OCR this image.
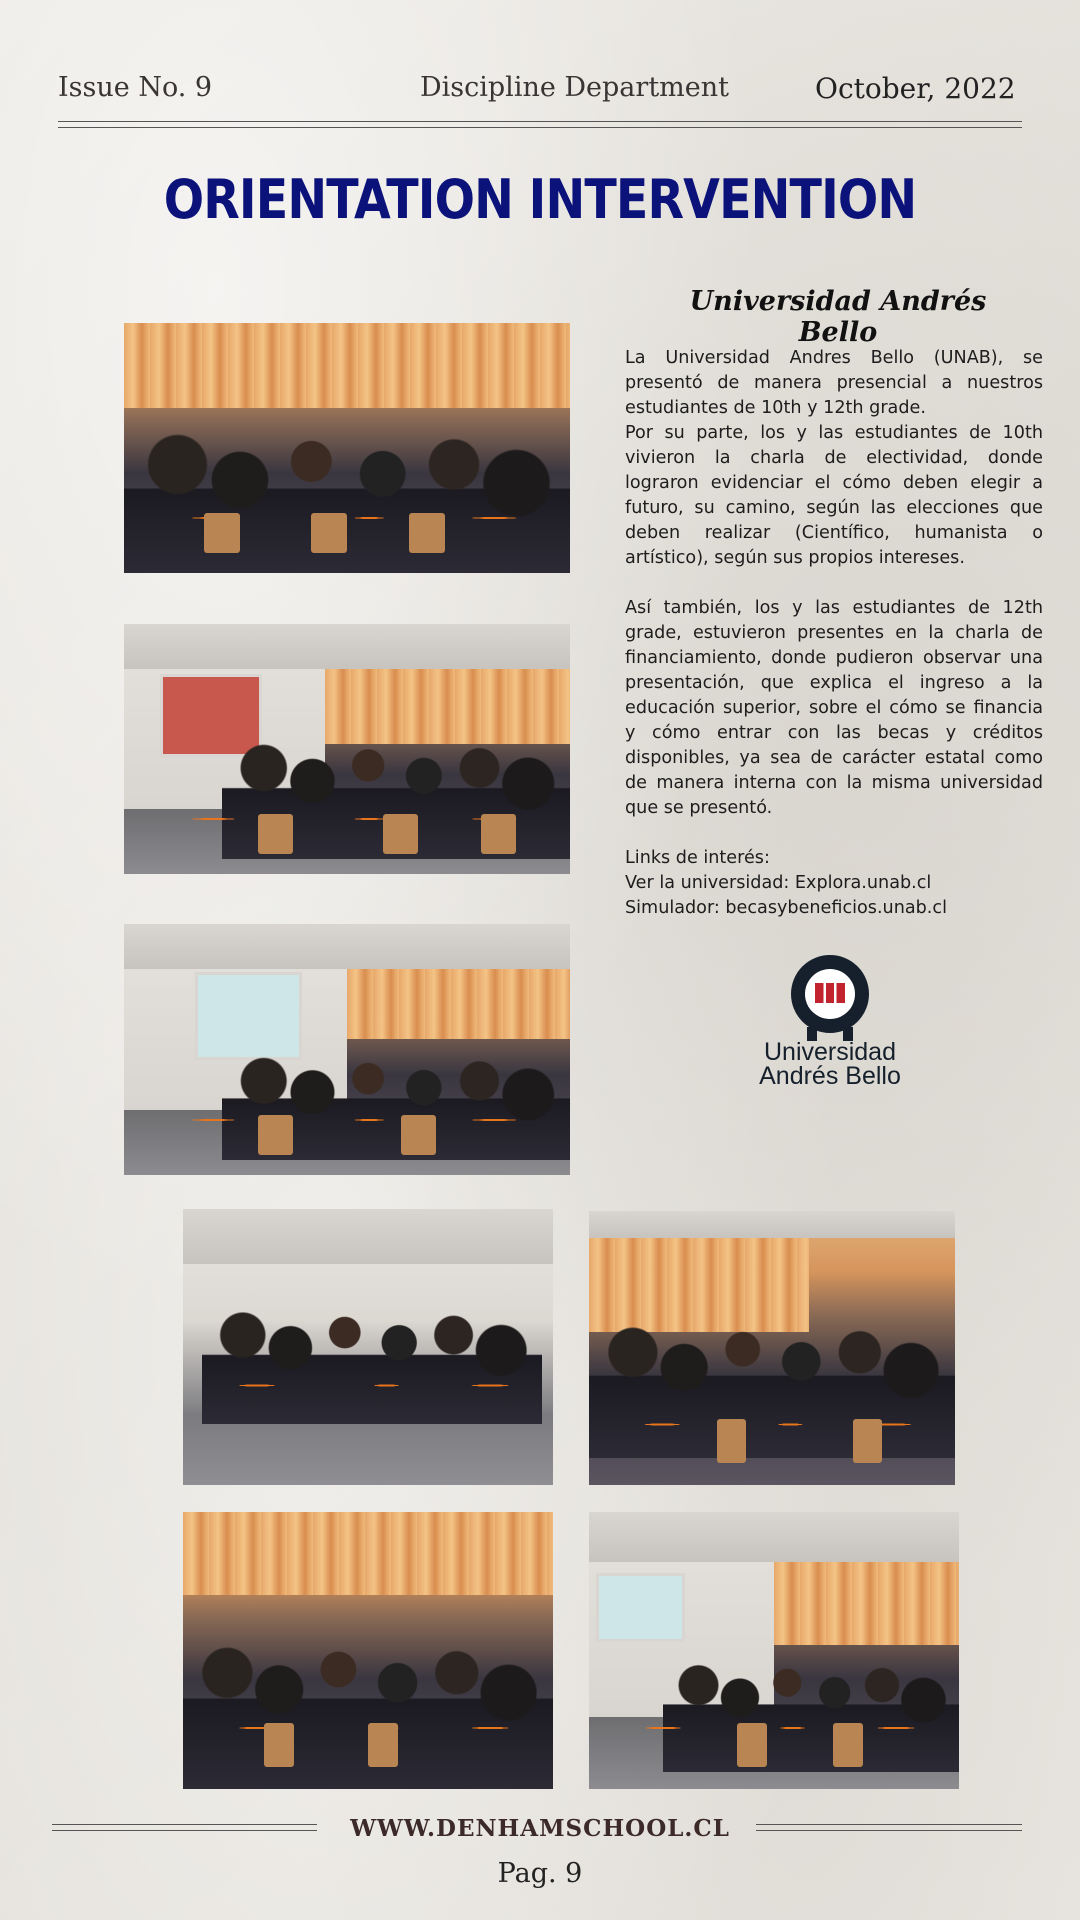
Issue No. 9	Discipline Department	October, 2022
ORIENTATION INTERVENTION
Universidad Andrés Bello
La Universidad Andres Bello (UNAB), se presentó de manera presencial a nuestros estudiantes de 10th y 12th grade.
Por su parte, los y las estudiantes de 10th vivieron la charla de electividad, donde lograron evidenciar el cómo deben elegir a futuro, su camino, según las elecciones que deben realizar (Científico, humanista o artístico), según sus propios intereses.
Así también, los y las estudiantes de 12th grade, estuvieron presentes en la charla de financiamiento, donde pudieron observar una presentación, que explica el ingreso a la educación superior, sobre el cómo se financia y cómo entrar con las becas y créditos disponibles, ya sea de carácter estatal como de manera interna con la misma universidad que se presentó.
Links de interés:
Ver la universidad: Explora.unab.cl
Simulador: becasybeneficios.unab.cl
Universidad
Andrés Bello
WWW.DENHAMSCHOOL.CL
Pag. 9
